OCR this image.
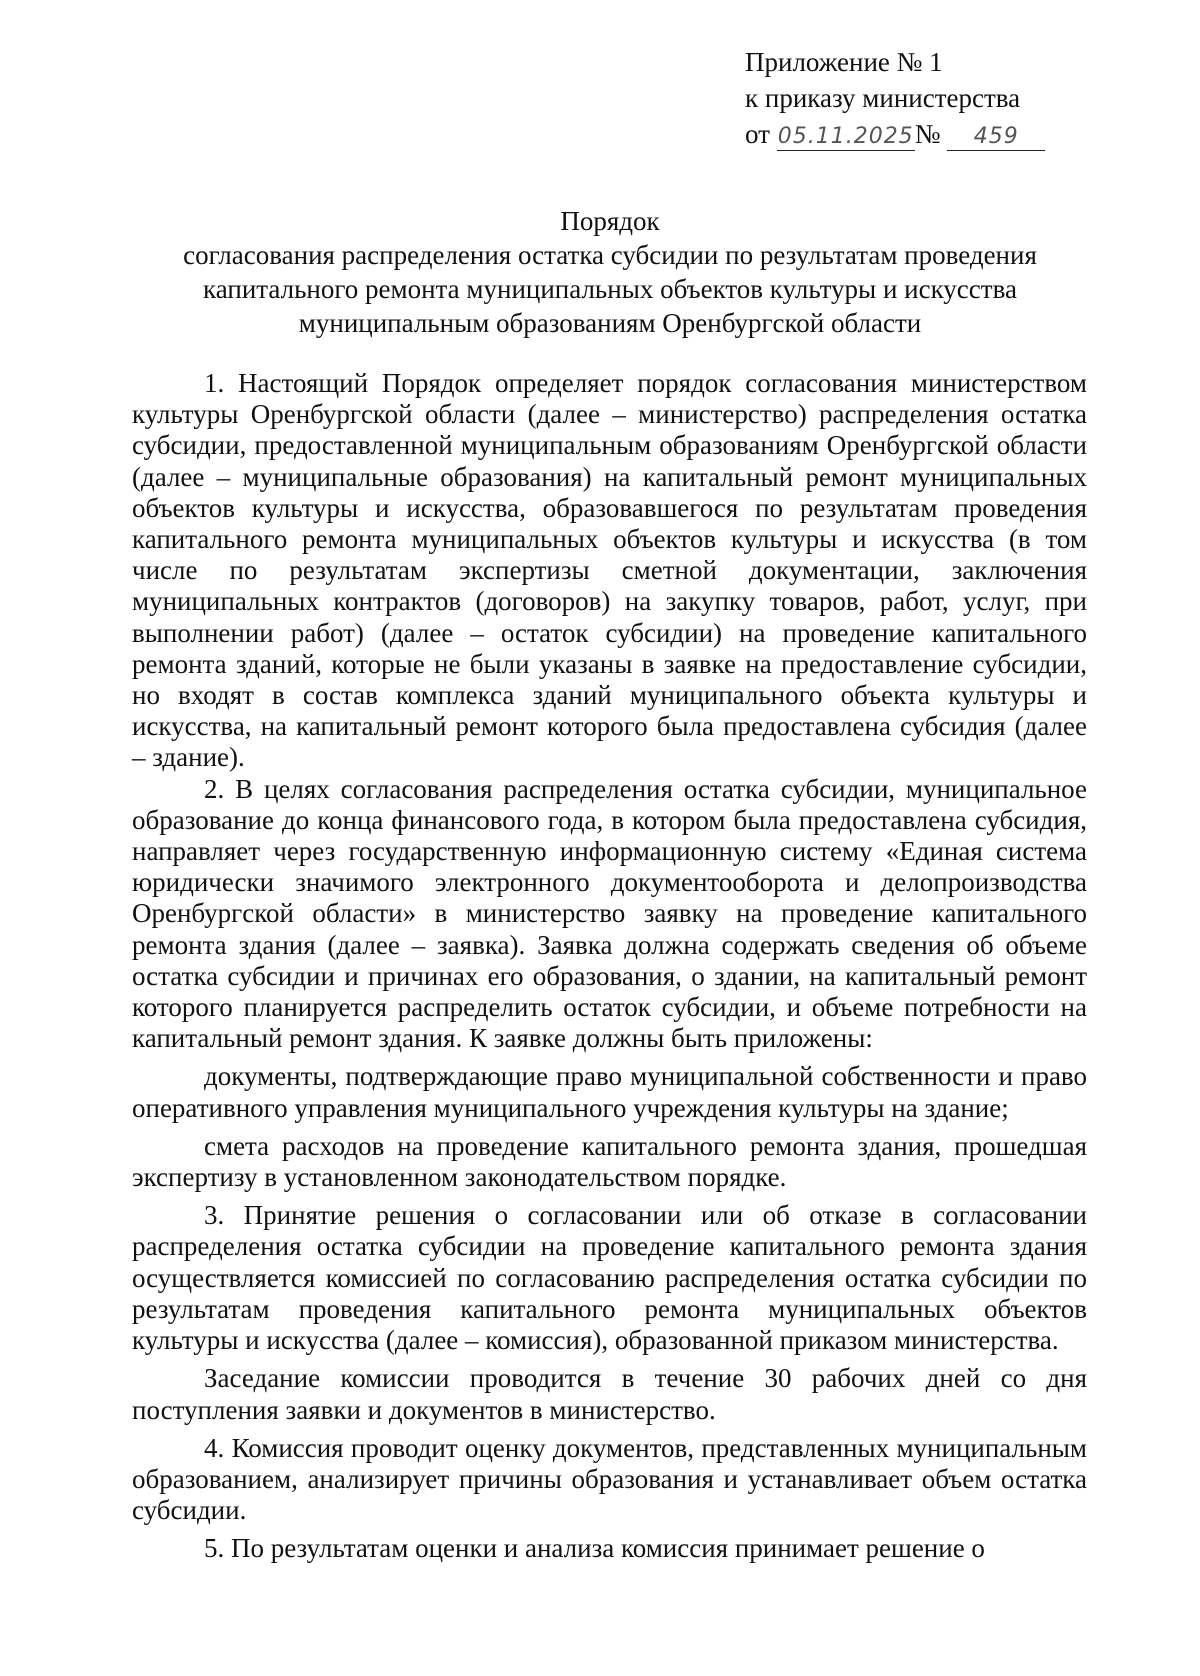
Приложение № 1
к приказу министерства
от 05.11.2025№ 459
Порядок
согласования распределения остатка субсидии по результатам проведения капитального ремонта муниципальных объектов культуры и искусства муниципальным образованиям Оренбургской области

1. Настоящий Порядок определяет порядок согласования министерством культуры Оренбургской области (далее – министерство) распределения остатка субсидии, предоставленной муниципальным образованиям Оренбургской области (далее – муниципальные образования) на капитальный ремонт муниципальных объектов культуры и искусства, образовавшегося по результатам проведения капитального ремонта муниципальных объектов культуры и искусства (в том числе по результатам экспертизы сметной документации, заключения муниципальных контрактов (договоров) на закупку товаров, работ, услуг, при выполнении работ) (далее – остаток субсидии) на проведение капитального ремонта зданий, которые не были указаны в заявке на предоставление субсидии, но входят в состав комплекса зданий муниципального объекта культуры и искусства, на капитальный ремонт которого была предоставлена субсидия (далее – здание).

2. В целях согласования распределения остатка субсидии, муниципальное образование до конца финансового года, в котором была предоставлена субсидия, направляет через государственную информационную систему «Единая система юридически значимого электронного документооборота и делопроизводства Оренбургской области» в министерство заявку на проведение капитального ремонта здания (далее – заявка). Заявка должна содержать сведения об объеме остатка субсидии и причинах его образования, о здании, на капитальный ремонт которого планируется распределить остаток субсидии, и объеме потребности на капитальный ремонт здания. К заявке должны быть приложены:

документы, подтверждающие право муниципальной собственности и право оперативного управления муниципального учреждения культуры на здание;

смета расходов на проведение капитального ремонта здания, прошедшая экспертизу в установленном законодательством порядке.

3. Принятие решения о согласовании или об отказе в согласовании распределения остатка субсидии на проведение капитального ремонта здания осуществляется комиссией по согласованию распределения остатка субсидии по результатам проведения капитального ремонта муниципальных объектов культуры и искусства (далее – комиссия), образованной приказом министерства.

Заседание комиссии проводится в течение 30 рабочих дней со дня поступления заявки и документов в министерство.

4. Комиссия проводит оценку документов, представленных муниципальным образованием, анализирует причины образования и устанавливает объем остатка субсидии.

5. По результатам оценки и анализа комиссия принимает решение о
